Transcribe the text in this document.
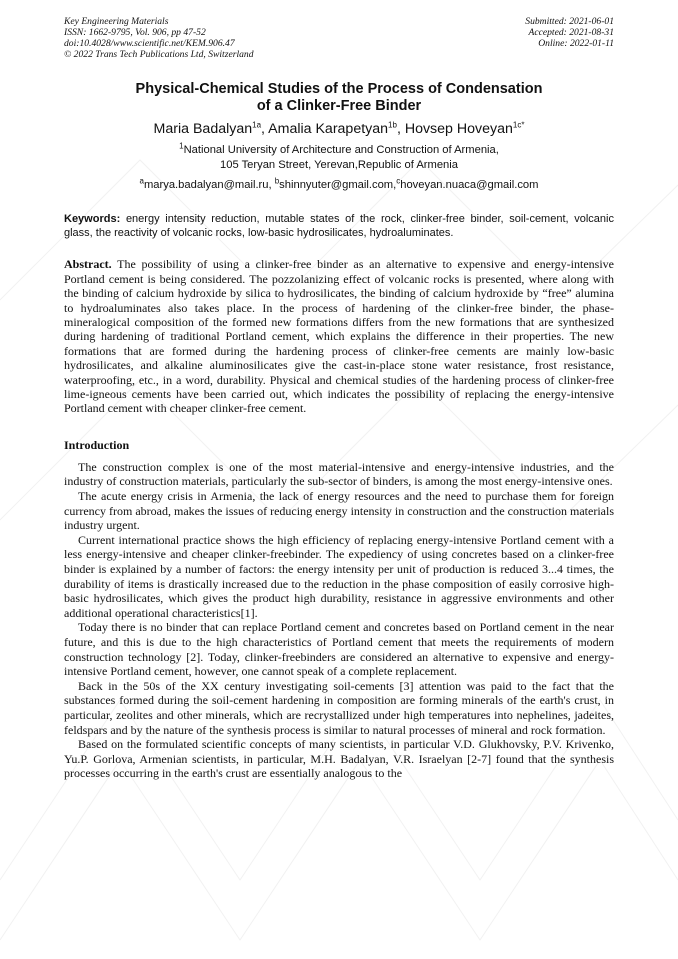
Key Engineering Materials
ISSN: 1662-9795, Vol. 906, pp 47-52
doi:10.4028/www.scientific.net/KEM.906.47
© 2022 Trans Tech Publications Ltd, Switzerland
Submitted: 2021-06-01
Accepted: 2021-08-31
Online: 2022-01-11
Physical-Chemical Studies of the Process of Condensation
of a Clinker-Free Binder
Maria Badalyan$^{1a}$, Amalia Karapetyan$^{1b}$, Hovsep Hoveyan$^{1c*}$
$^1$National University of Architecture and Construction of Armenia,
105 Teryan Street, Yerevan,Republic of Armenia
$^a$marya.badalyan@mail.ru, $^b$shinnyuter@gmail.com,$^c$hoveyan.nuaca@gmail.com
Keywords: energy intensity reduction, mutable states of the rock, clinker-free binder, soil-cement, volcanic glass, the reactivity of volcanic rocks, low-basic hydrosilicates, hydroaluminates.
Abstract. The possibility of using a clinker-free binder as an alternative to expensive and energy-intensive Portland cement is being considered. The pozzolanizing effect of volcanic rocks is presented, where along with the binding of calcium hydroxide by silica to hydrosilicates, the binding of calcium hydroxide by “free” alumina to hydroaluminates also takes place. In the process of hardening of the clinker-free binder, the phase-mineralogical composition of the formed new formations differs from the new formations that are synthesized during hardening of traditional Portland cement, which explains the difference in their properties. The new formations that are formed during the hardening process of clinker-free cements are mainly low-basic hydrosilicates, and alkaline aluminosilicates give the cast-in-place stone water resistance, frost resistance, waterproofing, etc., in a word, durability. Physical and chemical studies of the hardening process of clinker-free lime-igneous cements have been carried out, which indicates the possibility of replacing the energy-intensive Portland cement with cheaper clinker-free cement.
Introduction

The construction complex is one of the most material-intensive and energy-intensive industries, and the industry of construction materials, particularly the sub-sector of binders, is among the most energy-intensive ones.

The acute energy crisis in Armenia, the lack of energy resources and the need to purchase them for foreign currency from abroad, makes the issues of reducing energy intensity in construction and the construction materials industry urgent.

Current international practice shows the high efficiency of replacing energy-intensive Portland cement with a less energy-intensive and cheaper clinker-freebinder. The expediency of using concretes based on a clinker-free binder is explained by a number of factors: the energy intensity per unit of production is reduced 3...4 times, the durability of items is drastically increased due to the reduction in the phase composition of easily corrosive high-basic hydrosilicates, which gives the product high durability, resistance in aggressive environments and other additional operational characteristics[1].

Today there is no binder that can replace Portland cement and concretes based on Portland cement in the near future, and this is due to the high characteristics of Portland cement that meets the requirements of modern construction technology [2]. Today, clinker-freebinders are considered an alternative to expensive and energy-intensive Portland cement, however, one cannot speak of a complete replacement.

Back in the 50s of the XX century investigating soil-cements [3] attention was paid to the fact that the substances formed during the soil-cement hardening in composition are forming minerals of the earth's crust, in particular, zeolites and other minerals, which are recrystallized under high temperatures into nephelines, jadeites, feldspars and by the nature of the synthesis process is similar to natural processes of mineral and rock formation.

Based on the formulated scientific concepts of many scientists, in particular V.D. Glukhovsky, P.V. Krivenko, Yu.P. Gorlova, Armenian scientists, in particular, M.H. Badalyan, V.R. Israelyan [2-7] found that the synthesis processes occurring in the earth's crust are essentially analogous to the
